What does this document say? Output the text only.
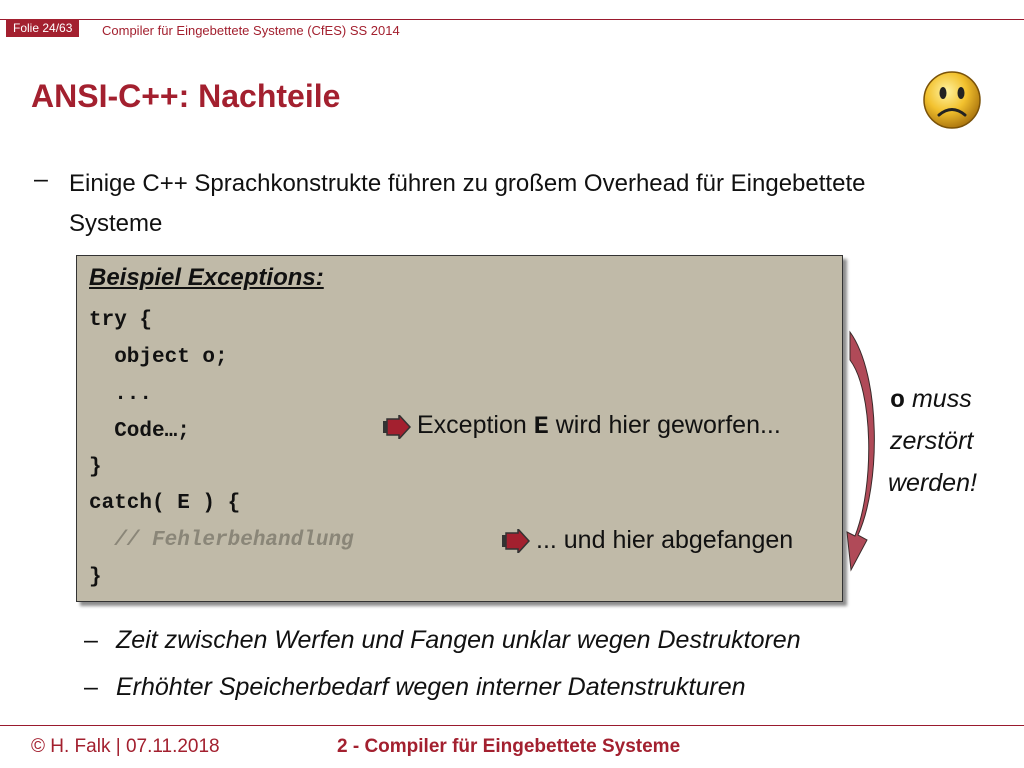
Folie 24/63	Compiler für Eingebettete Systeme (CfES) SS 2014
ANSI-C++: Nachteile
– Einige C++ Sprachkonstrukte führen zu großem Overhead für Eingebettete Systeme
Beispiel Exceptions:
try {
object o;
...
Code…;
}
catch( E ) {
// Fehlerbehandlung
}
Exception E wird hier geworfen...
... und hier abgefangen
o muss
zerstört
werden!
– Zeit zwischen Werfen und Fangen unklar wegen Destruktoren
– Erhöhter Speicherbedarf wegen interner Datenstrukturen
© H. Falk | 07.11.2018	2 - Compiler für Eingebettete Systeme
